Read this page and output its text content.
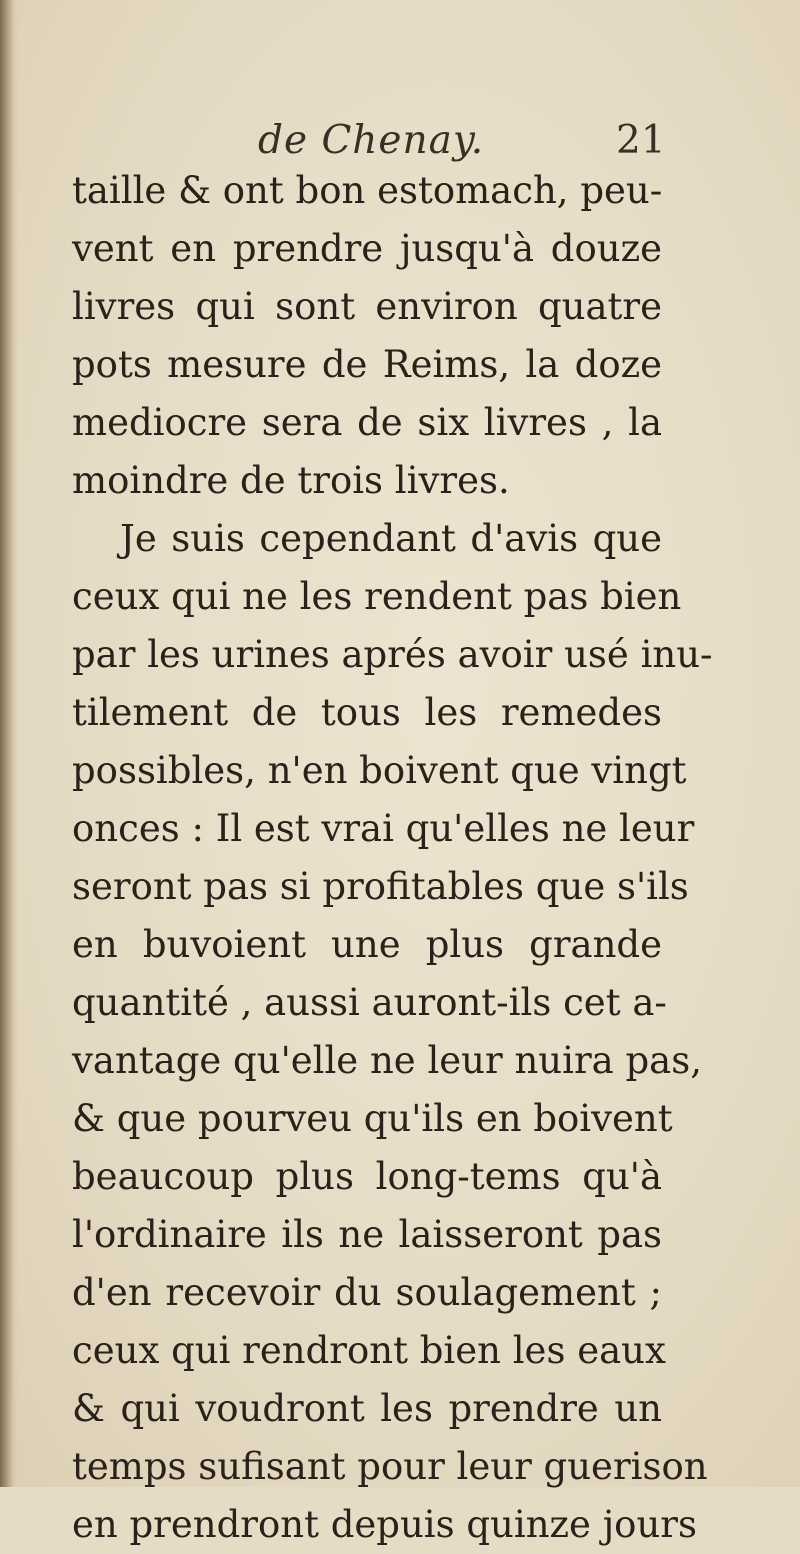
de Chenay.	21
taille & ont bon estomach, peu-
vent en prendre jusqu'à douze
livres qui sont environ quatre
pots mesure de Reims, la doze
mediocre sera de six livres , la
moindre de trois livres.
Je suis cependant d'avis que
ceux qui ne les rendent pas bien
par les urines aprés avoir usé inu-
tilement de tous les remedes
possibles, n'en boivent que vingt
onces : Il est vrai qu'elles ne leur
seront pas si profitables que s'ils
en buvoient une plus grande
quantité , aussi auront-ils cet a-
vantage qu'elle ne leur nuira pas,
& que pourveu qu'ils en boivent
beaucoup plus long-tems qu'à
l'ordinaire ils ne laisseront pas
d'en recevoir du soulagement ;
ceux qui rendront bien les eaux
& qui voudront les prendre un
temps sufisant pour leur guerison
en prendront depuis quinze jours
